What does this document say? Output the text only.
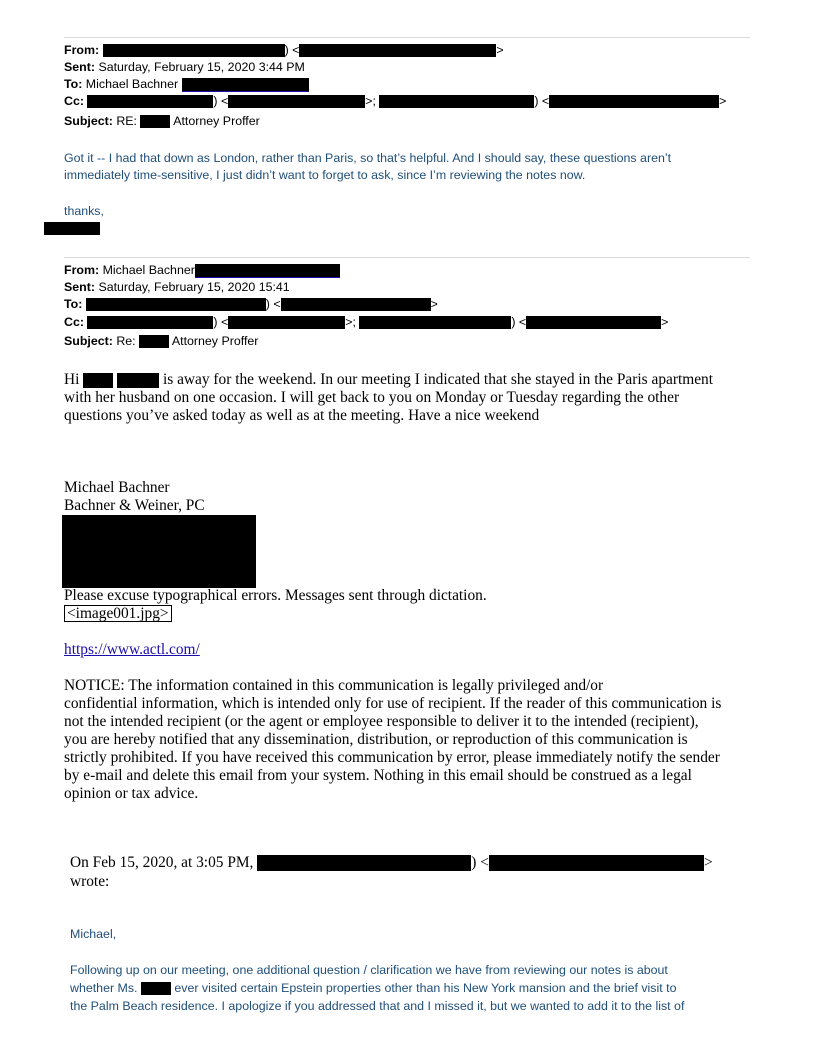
From:	) <	>
Sent: Saturday, February 15, 2020 3:44 PM
To: Michael Bachner
Cc:	) <	>;	) <	>
Subject: RE:	Attorney Proffer
Got it -- I had that down as London, rather than Paris, so that’s helpful. And I should say, these questions aren’t
immediately time-sensitive, I just didn’t want to forget to ask, since I’m reviewing the notes now.
thanks,
From: Michael Bachner
Sent: Saturday, February 15, 2020 15:41
To:	) <	>
Cc:	) <	>;	) <	>
Subject: Re:	Attorney Proffer
Hi	is away for the weekend. In our meeting I indicated that she stayed in the Paris apartment
with her husband on one occasion. I will get back to you on Monday or Tuesday regarding the other
questions you’ve asked today as well as at the meeting. Have a nice weekend
Michael Bachner
Bachner & Weiner, PC
Please excuse typographical errors. Messages sent through dictation.
<image001.jpg>
https://www.actl.com/
NOTICE: The information contained in this communication is legally privileged and/or
confidential information, which is intended only for use of recipient. If the reader of this communication is
not the intended recipient (or the agent or employee responsible to deliver it to the intended (recipient),
you are hereby notified that any dissemination, distribution, or reproduction of this communication is
strictly prohibited. If you have received this communication by error, please immediately notify the sender
by e-mail and delete this email from your system. Nothing in this email should be construed as a legal
opinion or tax advice.
On Feb 15, 2020, at 3:05 PM,	) <	>
wrote:
Michael,
Following up on our meeting, one additional question / clarification we have from reviewing our notes is about
whether Ms.	ever visited certain Epstein properties other than his New York mansion and the brief visit to
the Palm Beach residence. I apologize if you addressed that and I missed it, but we wanted to add it to the list of
